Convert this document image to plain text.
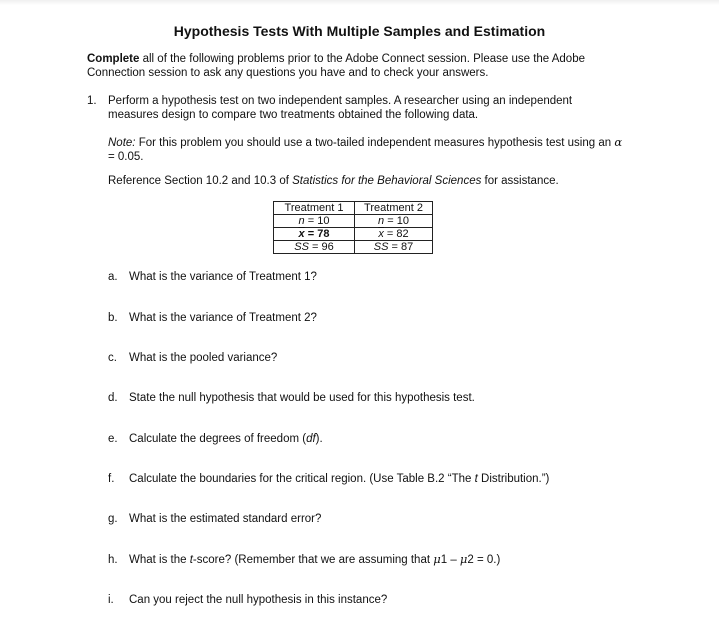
Hypothesis Tests With Multiple Samples and Estimation
Complete all of the following problems prior to the Adobe Connect session. Please use the Adobe
Connection session to ask any questions you have and to check your answers.
1. Perform a hypothesis test on two independent samples. A researcher using an independent
measures design to compare two treatments obtained the following data.
Note: For this problem you should use a two-tailed independent measures hypothesis test using an α
= 0.05.
Reference Section 10.2 and 10.3 of Statistics for the Behavioral Sciences for assistance.
Treatment 1	Treatment 2
n = 10	n = 10
$\overline{x} = 78$	$\overline{x} = 82$
SS = 96	SS = 87
a. What is the variance of Treatment 1?
b. What is the variance of Treatment 2?
c. What is the pooled variance?
d. State the null hypothesis that would be used for this hypothesis test.
e. Calculate the degrees of freedom (df).
f. Calculate the boundaries for the critical region. (Use Table B.2 “The t Distribution.”)
g. What is the estimated standard error?
h. What is the t-score? (Remember that we are assuming that μ1 – μ2 = 0.)
i. Can you reject the null hypothesis in this instance?
